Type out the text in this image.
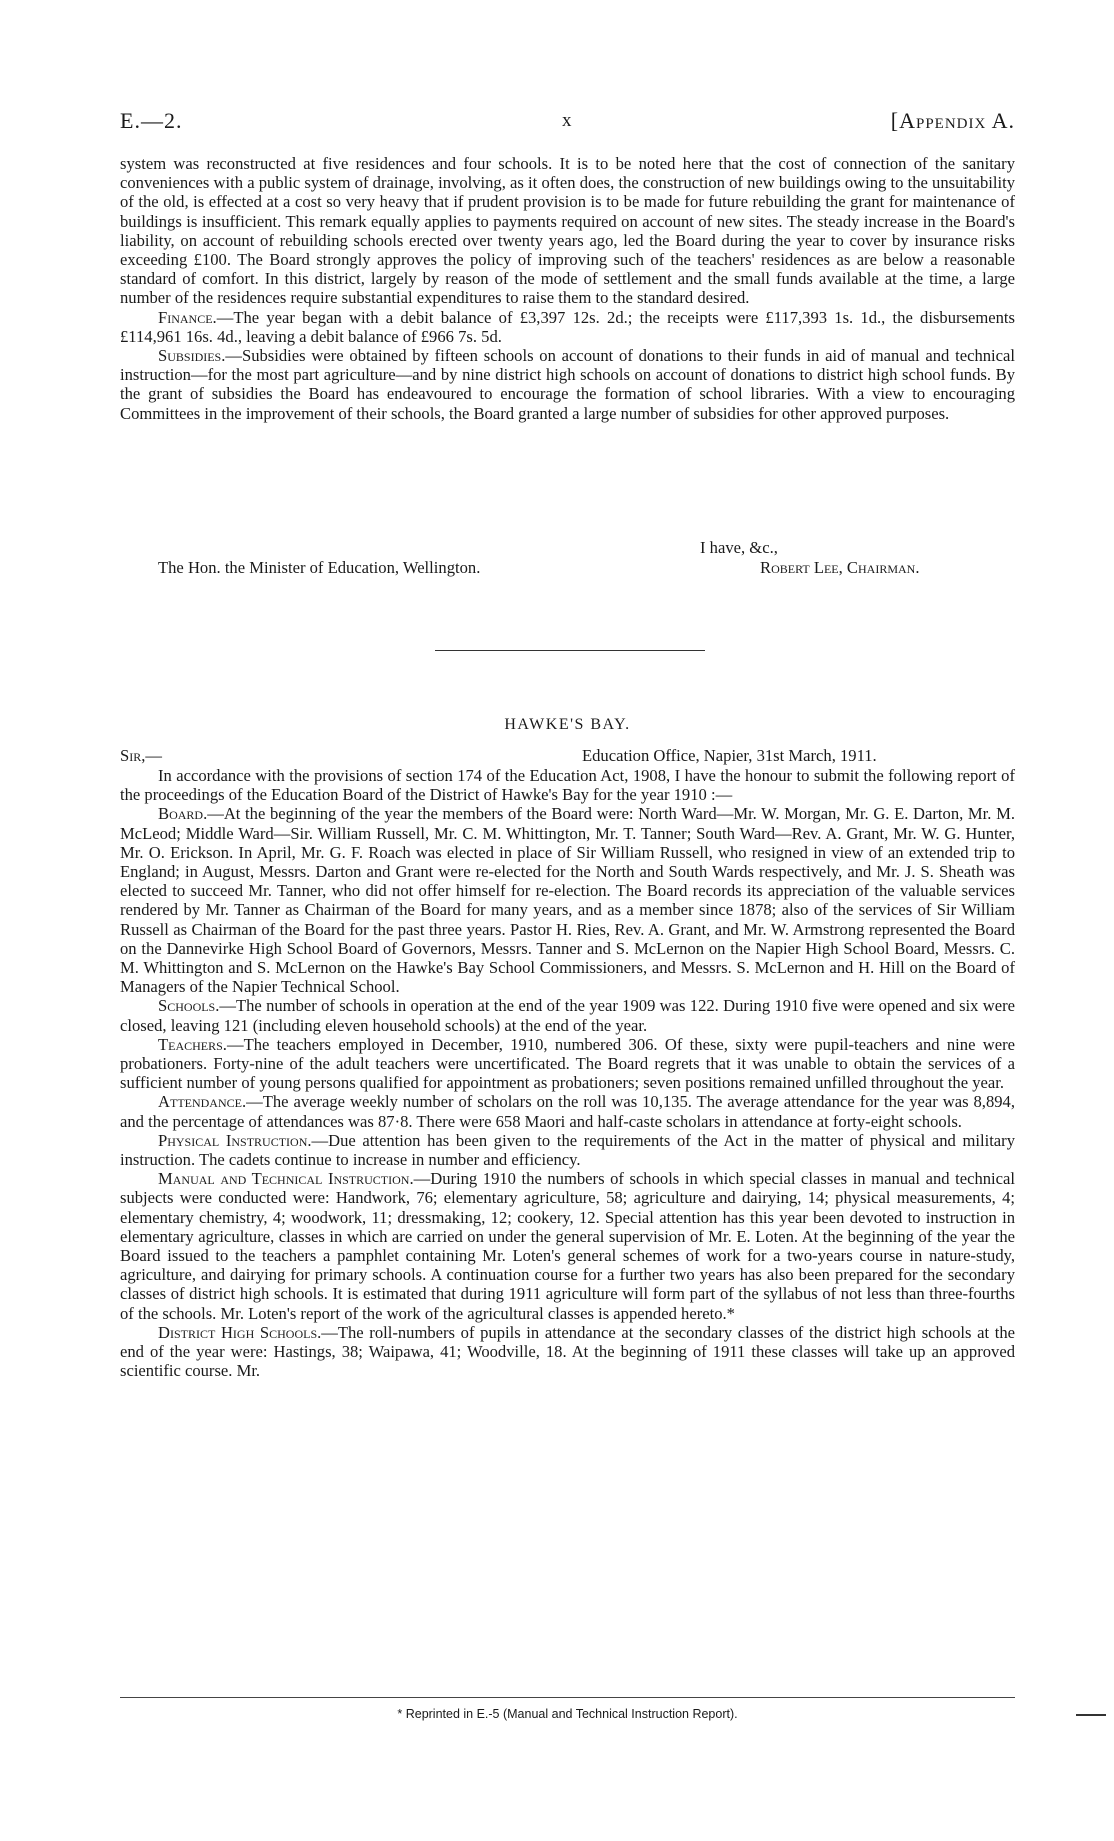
E.—2.	x	[Appendix A.

system was reconstructed at five residences and four schools. It is to be noted here that the cost of connection of the sanitary conveniences with a public system of drainage, involving, as it often does, the construction of new buildings owing to the unsuitability of the old, is effected at a cost so very heavy that if prudent provision is to be made for future rebuilding the grant for maintenance of buildings is insufficient. This remark equally applies to payments required on account of new sites. The steady increase in the Board's liability, on account of rebuilding schools erected over twenty years ago, led the Board during the year to cover by insurance risks exceeding £100. The Board strongly approves the policy of improving such of the teachers' residences as are below a reasonable standard of comfort. In this district, largely by reason of the mode of settlement and the small funds available at the time, a large number of the residences require substantial expenditures to raise them to the standard desired.

Finance.—The year began with a debit balance of £3,397 12s. 2d.; the receipts were £117,393 1s. 1d., the disbursements £114,961 16s. 4d., leaving a debit balance of £966 7s. 5d.

Subsidies.—Subsidies were obtained by fifteen schools on account of donations to their funds in aid of manual and technical instruction—for the most part agriculture—and by nine district high schools on account of donations to district high school funds. By the grant of subsidies the Board has endeavoured to encourage the formation of school libraries. With a view to encouraging Committees in the improvement of their schools, the Board granted a large number of subsidies for other approved purposes.

I have, &c.,
The Hon. the Minister of Education, Wellington.	Robert Lee, Chairman.
HAWKE'S BAY.
Sir,—	Education Office, Napier, 31st March, 1911.

In accordance with the provisions of section 174 of the Education Act, 1908, I have the honour to submit the following report of the proceedings of the Education Board of the District of Hawke's Bay for the year 1910 :—

Board.—At the beginning of the year the members of the Board were: North Ward—Mr. W. Morgan, Mr. G. E. Darton, Mr. M. McLeod; Middle Ward—Sir. William Russell, Mr. C. M. Whittington, Mr. T. Tanner; South Ward—Rev. A. Grant, Mr. W. G. Hunter, Mr. O. Erickson. In April, Mr. G. F. Roach was elected in place of Sir William Russell, who resigned in view of an extended trip to England; in August, Messrs. Darton and Grant were re-elected for the North and South Wards respectively, and Mr. J. S. Sheath was elected to succeed Mr. Tanner, who did not offer himself for re-election. The Board records its appreciation of the valuable services rendered by Mr. Tanner as Chairman of the Board for many years, and as a member since 1878; also of the services of Sir William Russell as Chairman of the Board for the past three years. Pastor H. Ries, Rev. A. Grant, and Mr. W. Armstrong represented the Board on the Dannevirke High School Board of Governors, Messrs. Tanner and S. McLernon on the Napier High School Board, Messrs. C. M. Whittington and S. McLernon on the Hawke's Bay School Commissioners, and Messrs. S. McLernon and H. Hill on the Board of Managers of the Napier Technical School.

Schools.—The number of schools in operation at the end of the year 1909 was 122. During 1910 five were opened and six were closed, leaving 121 (including eleven household schools) at the end of the year.

Teachers.—The teachers employed in December, 1910, numbered 306. Of these, sixty were pupil-teachers and nine were probationers. Forty-nine of the adult teachers were uncertificated. The Board regrets that it was unable to obtain the services of a sufficient number of young persons qualified for appointment as probationers; seven positions remained unfilled throughout the year.

Attendance.—The average weekly number of scholars on the roll was 10,135. The average attendance for the year was 8,894, and the percentage of attendances was 87·8. There were 658 Maori and half-caste scholars in attendance at forty-eight schools.

Physical Instruction.—Due attention has been given to the requirements of the Act in the matter of physical and military instruction. The cadets continue to increase in number and efficiency.

Manual and Technical Instruction.—During 1910 the numbers of schools in which special classes in manual and technical subjects were conducted were: Handwork, 76; elementary agriculture, 58; agriculture and dairying, 14; physical measurements, 4; elementary chemistry, 4; woodwork, 11; dressmaking, 12; cookery, 12. Special attention has this year been devoted to instruction in elementary agriculture, classes in which are carried on under the general supervision of Mr. E. Loten. At the beginning of the year the Board issued to the teachers a pamphlet containing Mr. Loten's general schemes of work for a two-years course in nature-study, agriculture, and dairying for primary schools. A continuation course for a further two years has also been prepared for the secondary classes of district high schools. It is estimated that during 1911 agriculture will form part of the syllabus of not less than three-fourths of the schools. Mr. Loten's report of the work of the agricultural classes is appended hereto.*

District High Schools.—The roll-numbers of pupils in attendance at the secondary classes of the district high schools at the end of the year were: Hastings, 38; Waipawa, 41; Woodville, 18. At the beginning of 1911 these classes will take up an approved scientific course. Mr.

* Reprinted in E.-5 (Manual and Technical Instruction Report).
